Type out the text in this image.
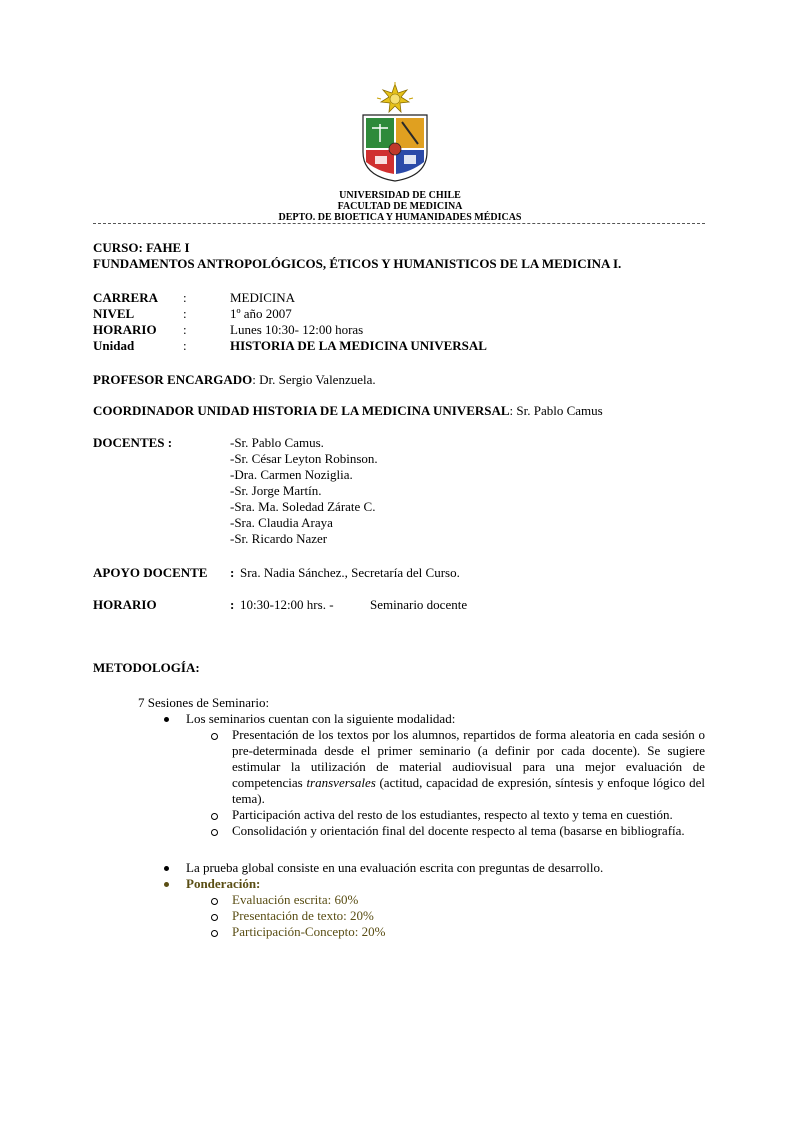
UNIVERSIDAD DE CHILE
FACULTAD DE MEDICINA
DEPTO. DE BIOETICA Y HUMANIDADES MÉDICAS
CURSO: FAHE I
FUNDAMENTOS ANTROPOLÓGICOS, ÉTICOS Y HUMANISTICOS DE LA MEDICINA I.
CARRERA :	MEDICINA
NIVEL	:	1º año 2007
HORARIO :	Lunes 10:30- 12:00 horas
Unidad	:	HISTORIA DE LA MEDICINA UNIVERSAL
PROFESOR ENCARGADO: Dr. Sergio Valenzuela.
COORDINADOR UNIDAD HISTORIA DE LA MEDICINA UNIVERSAL: Sr. Pablo Camus
DOCENTES :	-Sr. Pablo Camus.
-Sr. César Leyton Robinson.
-Dra. Carmen Noziglia.
-Sr. Jorge Martín.
-Sra. Ma. Soledad Zárate C.
-Sra. Claudia Araya
-Sr. Ricardo Nazer
APOYO DOCENTE : Sra. Nadia Sánchez., Secretaría del Curso.
HORARIO	: 10:30-12:00 hrs. -	Seminario docente
METODOLOGÍA:
7 Sesiones de Seminario:
Los seminarios cuentan con la siguiente modalidad:
Presentación de los textos por los alumnos, repartidos de forma aleatoria en cada sesión o pre-determinada desde el primer seminario (a definir por cada docente). Se sugiere estimular la utilización de material audiovisual para una mejor evaluación de competencias transversales (actitud, capacidad de expresión, síntesis y enfoque lógico del tema).
Participación activa del resto de los estudiantes, respecto al texto y tema en cuestión.
Consolidación y orientación final del docente respecto al tema (basarse en bibliografía.
La prueba global consiste en una evaluación escrita con preguntas de desarrollo.
Ponderación:
Evaluación escrita: 60%
Presentación de texto: 20%
Participación-Concepto: 20%
